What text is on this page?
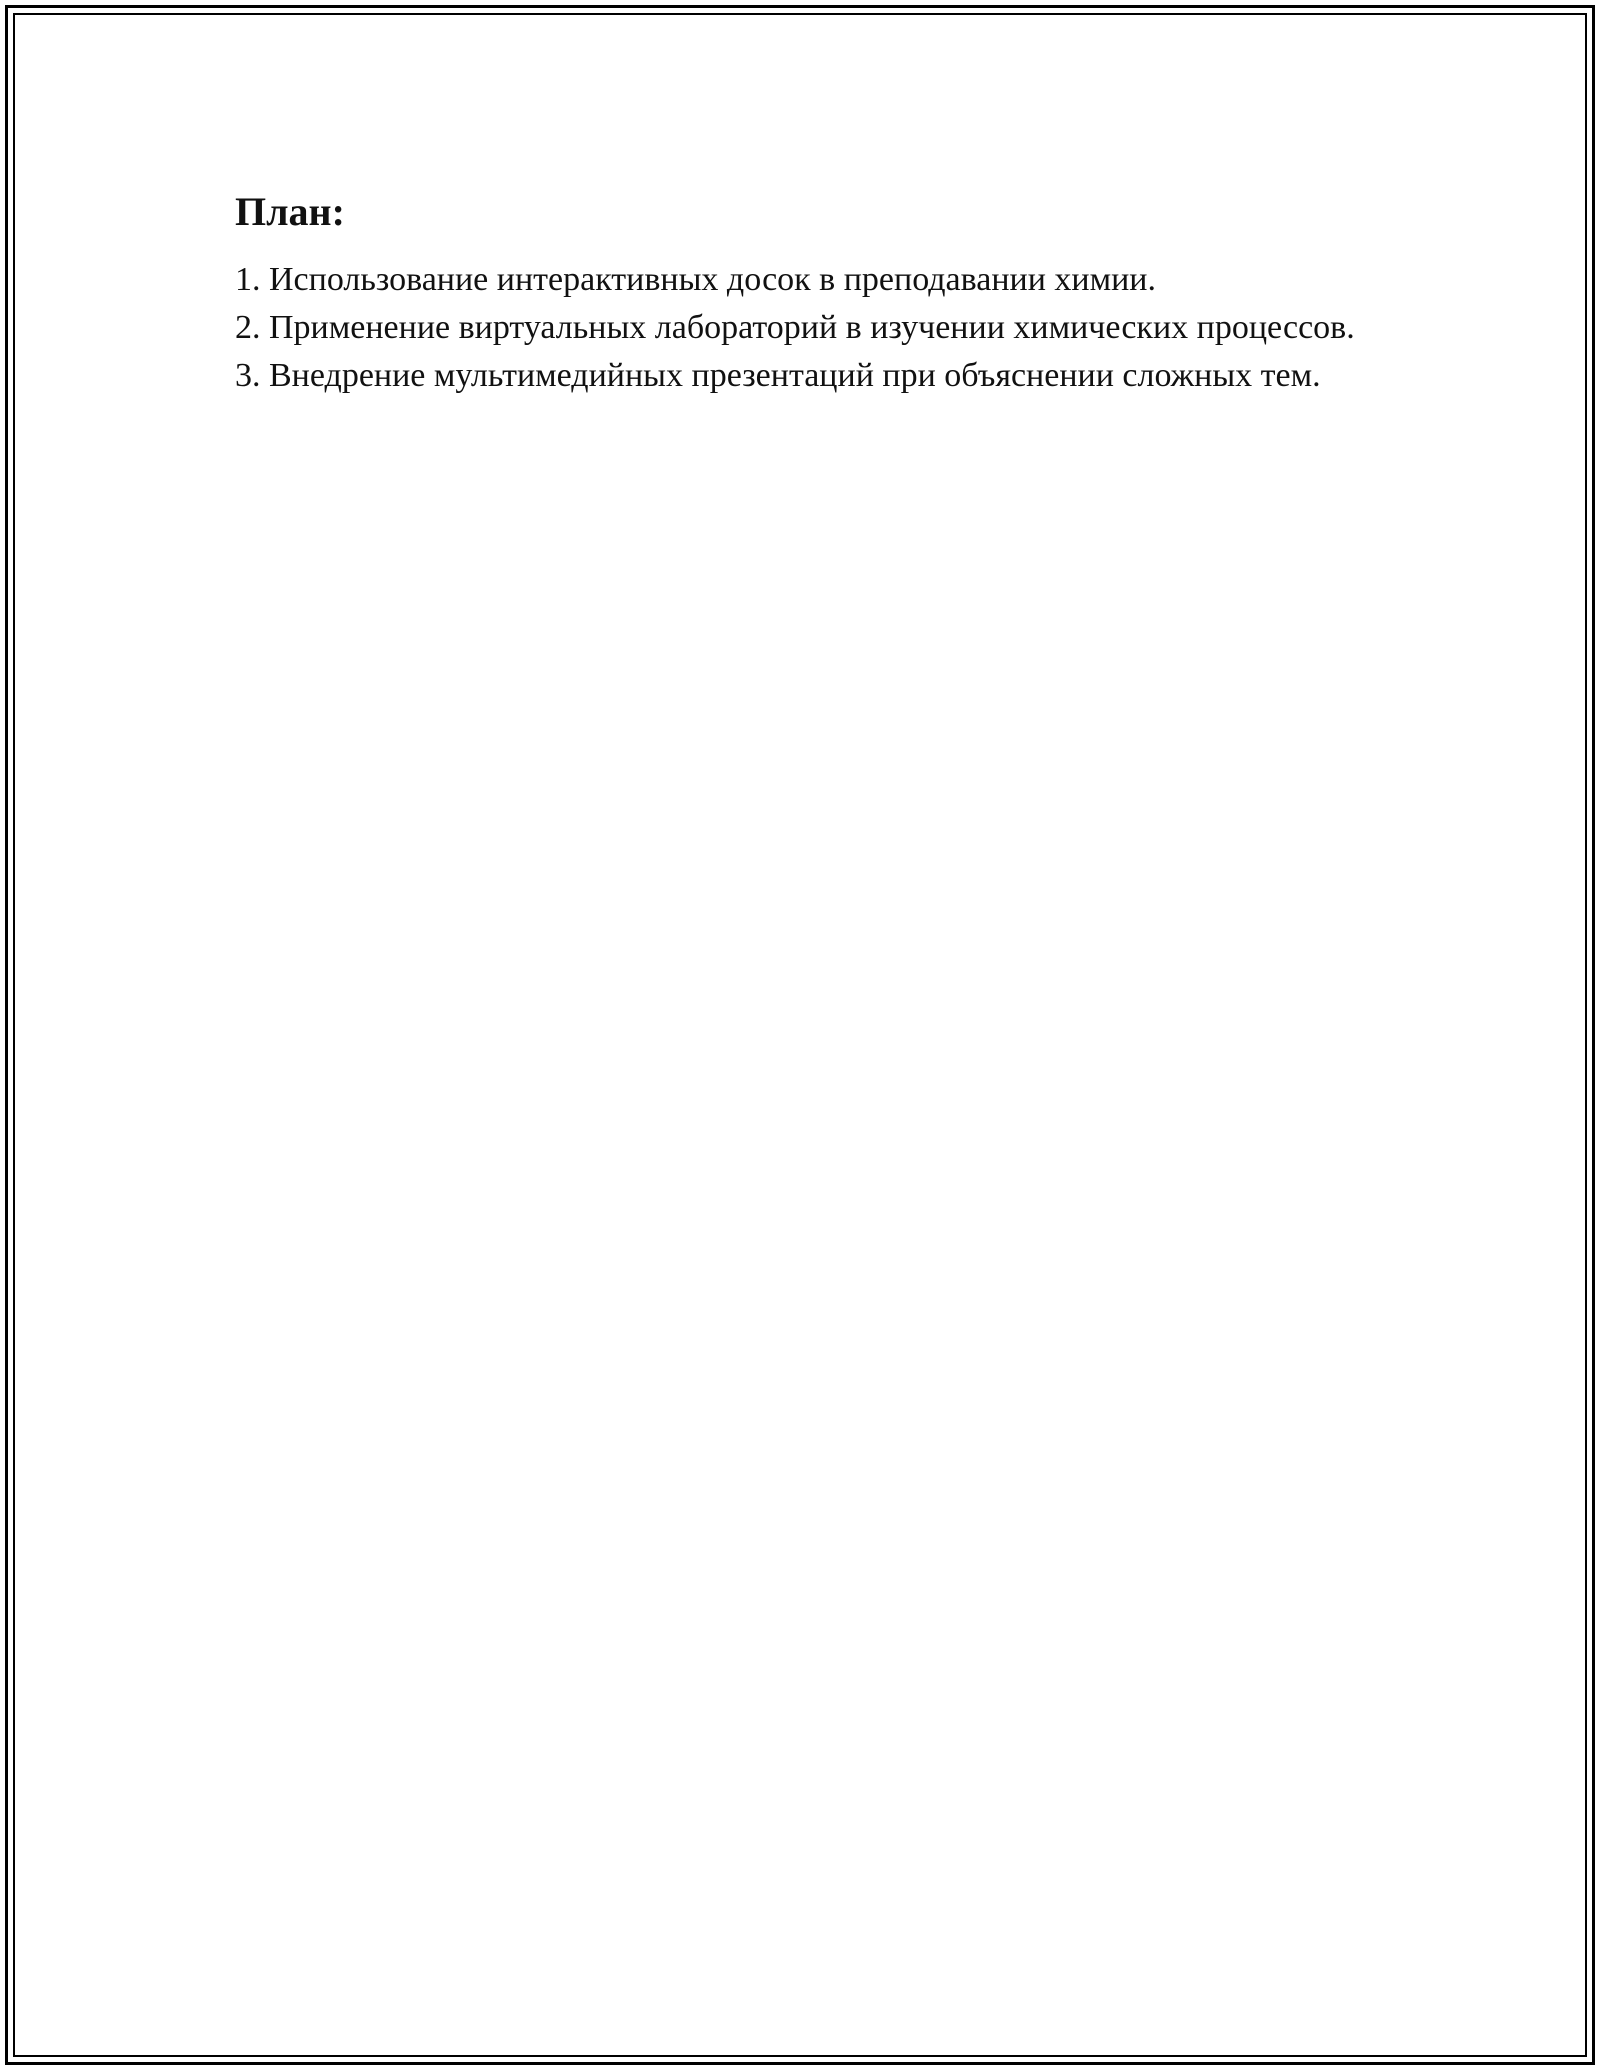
План:
1. Использование интерактивных досок в преподавании химии.
2. Применение виртуальных лабораторий в изучении химических процессов.
3. Внедрение мультимедийных презентаций при объяснении сложных тем.
